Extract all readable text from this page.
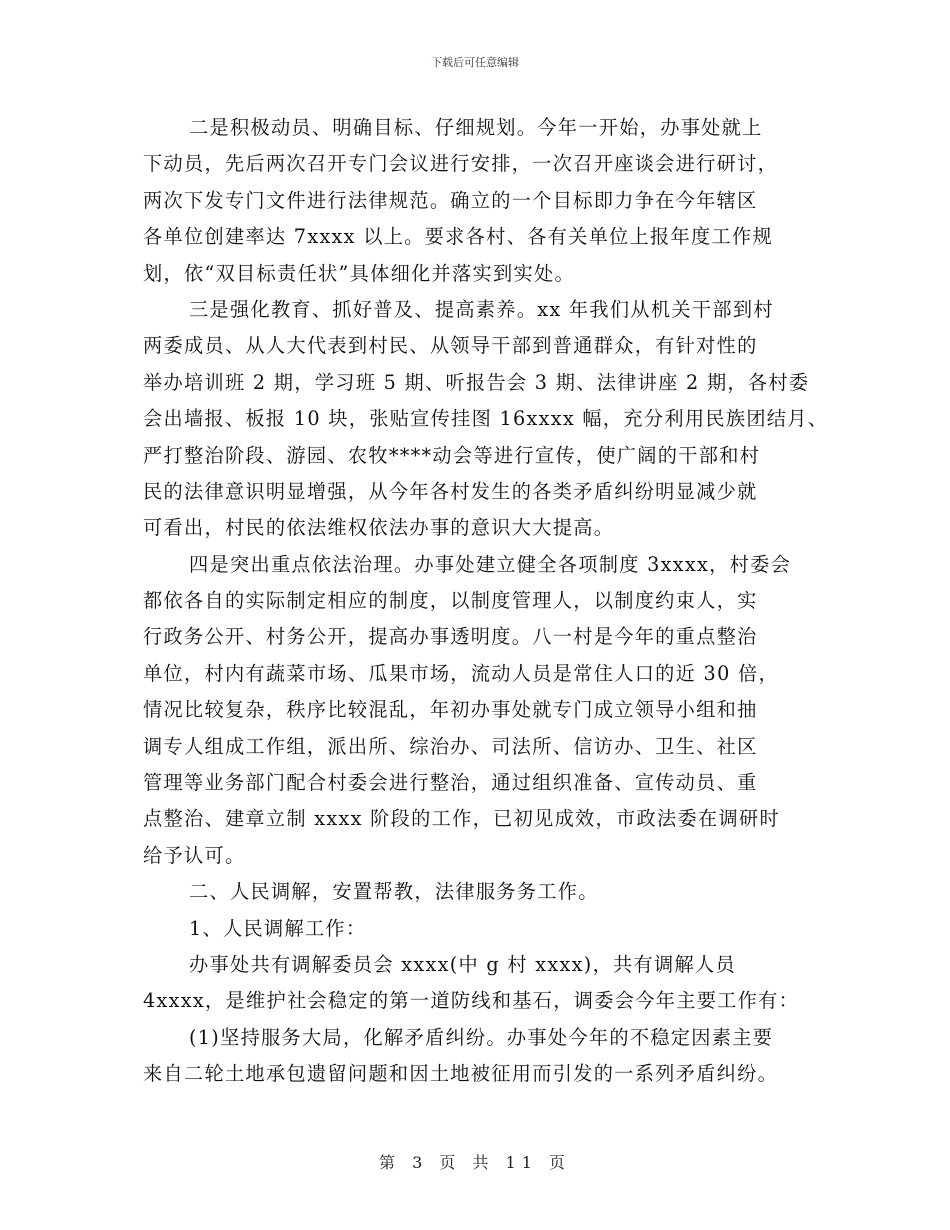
下载后可任意编辑
二是积极动员、明确目标、仔细规划。今年一开始，办事处就上
下动员，先后两次召开专门会议进行安排，一次召开座谈会进行研讨，
两次下发专门文件进行法律规范。确立的一个目标即力争在今年辖区
各单位创建率达 7xxxx 以上。要求各村、各有关单位上报年度工作规
划，依“双目标责任状”具体细化并落实到实处。
三是强化教育、抓好普及、提高素养。xx 年我们从机关干部到村
两委成员、从人大代表到村民、从领导干部到普通群众，有针对性的
举办培训班 2 期，学习班 5 期、听报告会 3 期、法律讲座 2 期，各村委
会出墙报、板报 10 块，张贴宣传挂图 16xxxx 幅，充分利用民族团结月、
严打整治阶段、游园、农牧****动会等进行宣传，使广阔的干部和村
民的法律意识明显增强，从今年各村发生的各类矛盾纠纷明显减少就
可看出，村民的依法维权依法办事的意识大大提高。
四是突出重点依法治理。办事处建立健全各项制度 3xxxx，村委会
都依各自的实际制定相应的制度，以制度管理人，以制度约束人，实
行政务公开、村务公开，提高办事透明度。八一村是今年的重点整治
单位，村内有蔬菜市场、瓜果市场，流动人员是常住人口的近 30 倍，
情况比较复杂，秩序比较混乱，年初办事处就专门成立领导小组和抽
调专人组成工作组，派出所、综治办、司法所、信访办、卫生、社区
管理等业务部门配合村委会进行整治，通过组织准备、宣传动员、重
点整治、建章立制 xxxx 阶段的工作，已初见成效，市政法委在调研时
给予认可。
二、人民调解，安置帮教，法律服务务工作。
1、人民调解工作：
办事处共有调解委员会 xxxx(中 g 村 xxxx)，共有调解人员
4xxxx，是维护社会稳定的第一道防线和基石，调委会今年主要工作有：
(1)坚持服务大局，化解矛盾纠纷。办事处今年的不稳定因素主要
来自二轮土地承包遗留问题和因土地被征用而引发的一系列矛盾纠纷。
第 3 页 共 11 页
